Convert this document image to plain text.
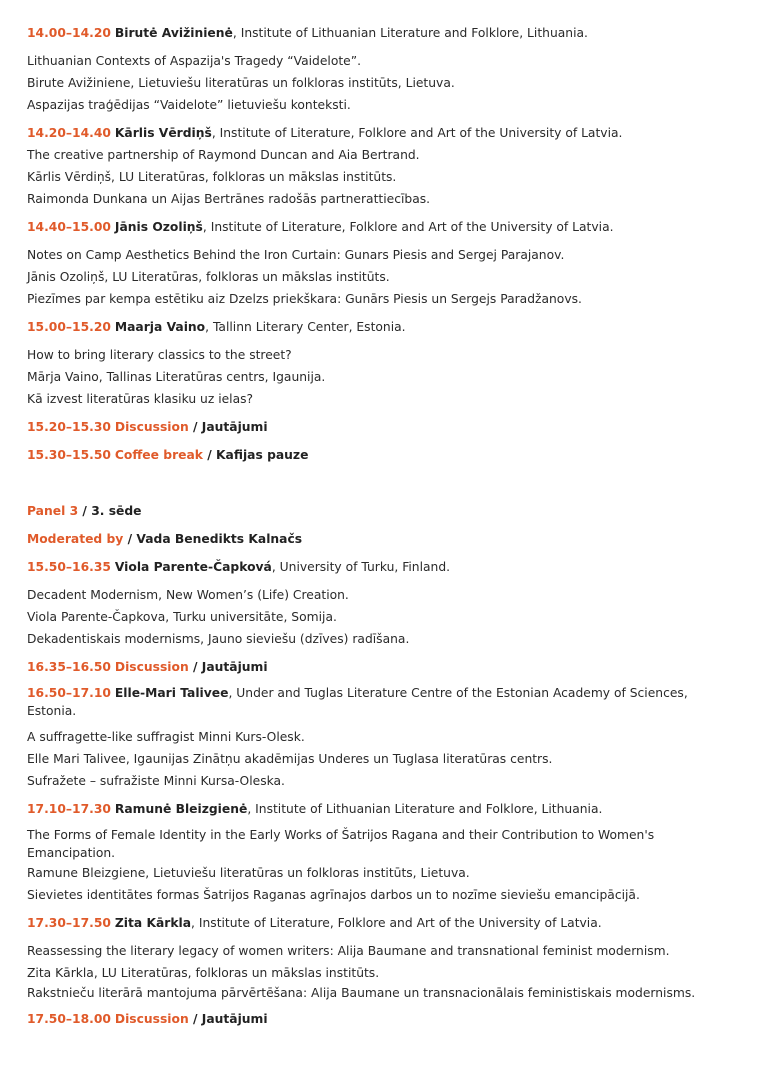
14.00–14.20 Birutė Avižinienė, Institute of Lithuanian Literature and Folklore, Lithuania.
Lithuanian Contexts of Aspazija's Tragedy “Vaidelote”.
Birute Avižiniene, Lietuviešu literatūras un folkloras institūts, Lietuva.
Aspazijas traģēdijas “Vaidelote” lietuviešu konteksti.
14.20–14.40 Kārlis Vērdiņš, Institute of Literature, Folklore and Art of the University of Latvia.
The creative partnership of Raymond Duncan and Aia Bertrand.
Kārlis Vērdiņš, LU Literatūras, folkloras un mākslas institūts.
Raimonda Dunkana un Aijas Bertrānes radošās partnerattiecības.
14.40–15.00 Jānis Ozoliņš, Institute of Literature, Folklore and Art of the University of Latvia.
Notes on Camp Aesthetics Behind the Iron Curtain: Gunars Piesis and Sergej Parajanov.
Jānis Ozoliņš, LU Literatūras, folkloras un mākslas institūts.
Piezīmes par kempa estētiku aiz Dzelzs priekškara: Gunārs Piesis un Sergejs Paradžanovs.
15.00–15.20 Maarja Vaino, Tallinn Literary Center, Estonia.
How to bring literary classics to the street?
Mārja Vaino, Tallinas Literatūras centrs, Igaunija.
Kā izvest literatūras klasiku uz ielas?
15.20–15.30 Discussion / Jautājumi
15.30–15.50 Coffee break / Kafijas pauze
Panel 3 / 3. sēde
Moderated by / Vada Benedikts Kalnačs
15.50–16.35 Viola Parente-Čapková, University of Turku, Finland.
Decadent Modernism, New Women’s (Life) Creation.
Viola Parente-Čapkova, Turku universitāte, Somija.
Dekadentiskais modernisms, Jauno sieviešu (dzīves) radīšana.
16.35–16.50 Discussion / Jautājumi
16.50–17.10 Elle-Mari Talivee, Under and Tuglas Literature Centre of the Estonian Academy of Sciences, Estonia.
A suffragette-like suffragist Minni Kurs-Olesk.
Elle Mari Talivee, Igaunijas Zinātņu akadēmijas Underes un Tuglasa literatūras centrs.
Sufražete – sufražiste Minni Kursa-Oleska.
17.10–17.30 Ramunė Bleizgienė, Institute of Lithuanian Literature and Folklore, Lithuania.
The Forms of Female Identity in the Early Works of Šatrijos Ragana and their Contribution to Women's Emancipation.
Ramune Bleizgiene, Lietuviešu literatūras un folkloras institūts, Lietuva.
Sievietes identitātes formas Šatrijos Raganas agrīnajos darbos un to nozīme sieviešu emancipācijā.
17.30–17.50 Zita Kārkla, Institute of Literature, Folklore and Art of the University of Latvia.
Reassessing the literary legacy of women writers: Alija Baumane and transnational feminist modernism.
Zita Kārkla, LU Literatūras, folkloras un mākslas institūts.
Rakstnieču literārā mantojuma pārvērtēšana: Alija Baumane un transnacionālais feministiskais modernisms.
17.50–18.00 Discussion / Jautājumi
